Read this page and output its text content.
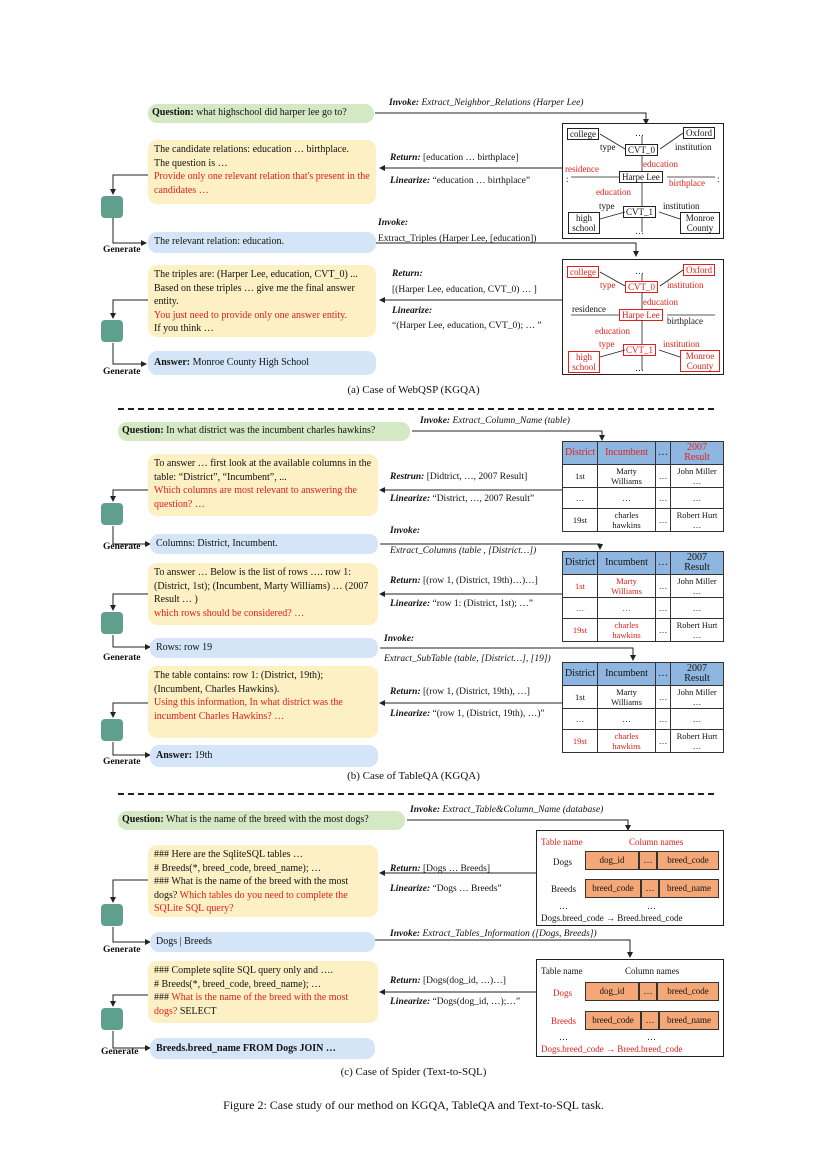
Question: what highschool did harper lee go to?
Invoke: Extract_Neighbor_Relations (Harper Lee)
The candidate relations: education … birthplace.
The question is …
Provide only one relevant relation that's present in the candidates …
Return: [education … birthplace]
Linearize: “education … birthplace”
Generate
The relevant relation: education.
Invoke:
Extract_Triples (Harper Lee, [education])
The triples are: (Harper Lee, education, CVT_0) ... Based on these triples … give me the final answer entity.
You just need to provide only one answer entity.
If you think …
Return:
[(Harper Lee, education, CVT_0) … ]
Linearize:
“(Harper Lee, education, CVT_0); … ”
Generate
Answer: Monroe County High School
college	Oxford
CVT_0
type	institution
residence	education
Harpe Lee
birthplace
education
type
CVT_1
institution
high school
Monroe County
…
…
:	:
college	Oxford
CVT_0
type	institution
residence
education
Harpe Lee
birthplace
education
type
CVT_1
institution
high school
Monroe County
…
…
(a) Case of WebQSP (KGQA)
Question: In what district was the incumbent charles hawkins?
Invoke: Extract_Column_Name (table)
To answer … first look at the available columns in the table: “District”, “Incumbent”, ...
Which columns are most relevant to answering the question? …
Restrun: [Didtrict, …, 2007 Result]
Linearize: “District, …, 2007 Result”
Generate	Columns: District, Incumbent.
Invoke:
Extract_Columns (table , [District…])
To answer … Below is the list of rows …. row 1: (District, 1st); (Incumbent, Marty Williams) … (2007 Result … )
which rows should be considered? …
Return: [(row 1, (District, 19th)…)…]
Linearize: “row 1: (District, 1st); …”
Generate
Rows: row 19
Invoke:
Extract_SubTable (table, [District…], [19])
The table contains: row 1: (District, 19th); (Incumbent, Charles Hawkins).
Using this information, In what district was the incumbent Charles Hawkins? …
Return: [(row 1, (District, 19th), …]
Linearize: “(row 1, (District, 19th), …)”
Generate
Answer: 19th
District	Incumbent	…	2007 Result
1st	Marty Williams	…	John Miller …
…	…	…	…
19st	charles hawkins	…	Robert Hurt …
District	Incumbent	…	2007 Result
1st	Marty Williams	…	John Miller …
…	…	…	…
19st	charles hawkins	…	Robert Hurt …
District	Incumbent	…	2007 Result
1st	Marty Williams	…	John Miller …
…	…	…	…
19st	charles hawkins	…	Robert Hurt …
(b) Case of TableQA (KGQA)
Question: What is the name of the breed with the most dogs?
Invoke: Extract_Table&Column_Name (database)
### Here are the SqliteSQL tables …
# Breeds(*, breed_code, breed_name); …
### What is the name of the breed with the most dogs? Which tables do you need to complete the SQLite SQL query?
Return: [Dogs … Breeds]
Linearize: “Dogs … Breeds”
Generate
Dogs | Breeds
Invoke: Extract_Tables_Information ([Dogs, Breeds])
### Complete sqlite SQL query only and ….
# Breeds(*, breed_code, breed_name); …
### What is the name of the breed with the most dogs? SELECT
Return: [Dogs(dog_id, …)…]
Linearize: “Dogs(dog_id, …);…”
Generate	Breeds.breed_name FROM Dogs JOIN …
Table name	Column names
Dogs	dog_id	…	breed_code
Breeds	breed_code	…	breed_name
…	…
Dogs.breed_code → Breed.breed_code
Table name	Column names
Dogs	dog_id	…	breed_code
Breeds	breed_code	…	breed_name
…	…
Dogs.breed_code → Breed.breed_code
(c) Case of Spider (Text-to-SQL)
Figure 2: Case study of our method on KGQA, TableQA and Text-to-SQL task.
